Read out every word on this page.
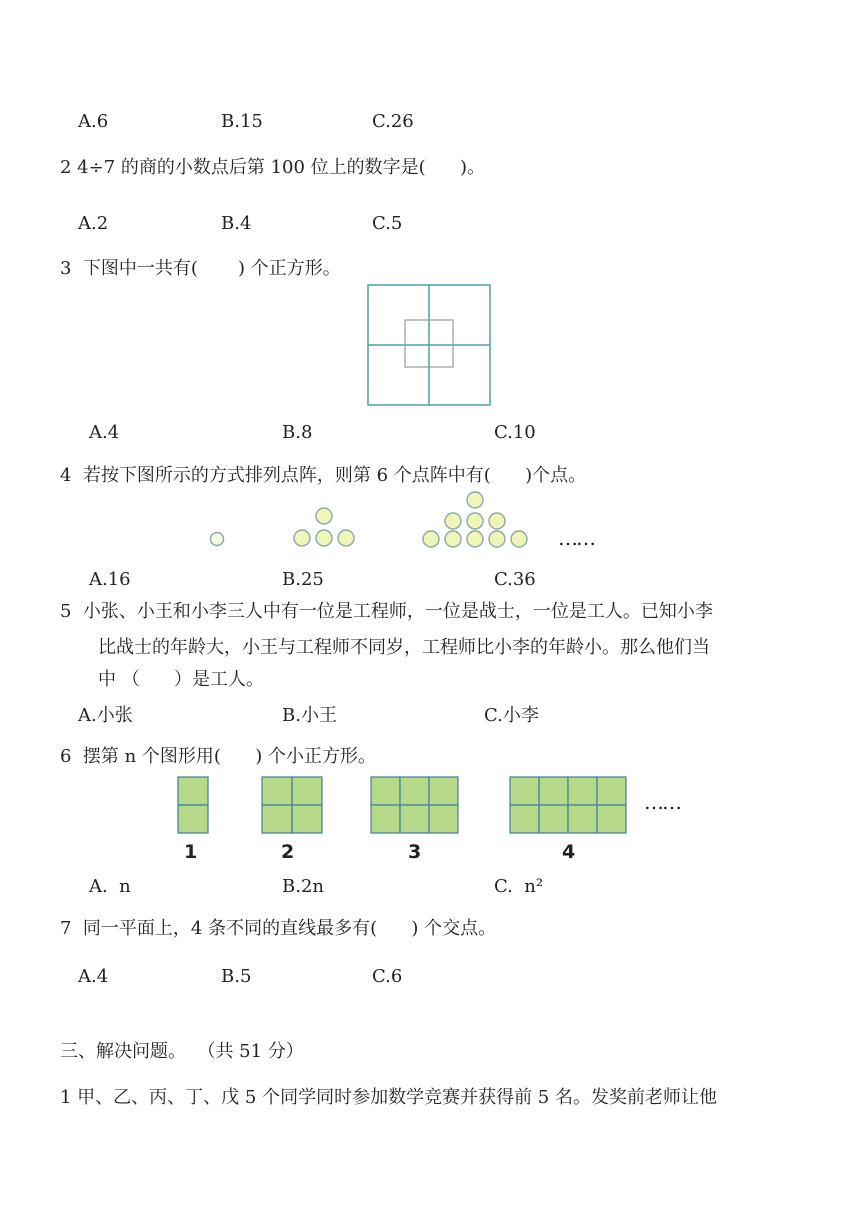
A.6	B.15	C.26
2 4÷7 的商的小数点后第 100 位上的数字是(      )。
A.2	B.4	C.5
3  下图中一共有(       ) 个正方形。
A.4	B.8	C.10
4  若按下图所示的方式排列点阵，则第 6 个点阵中有(      )个点。
……
A.16	B.25	C.36
5  小张、小王和小李三人中有一位是工程师，一位是战士，一位是工人。已知小李
比战士的年龄大，小王与工程师不同岁，工程师比小李的年龄小。那么他们当
中 （      ）是工人。
A.小张	B.小王	C.小李
6  摆第 n 个图形用(      ) 个小正方形。
……
1	2	3	4
A.  n	B.2n	C.  n²
7  同一平面上，4 条不同的直线最多有(      ) 个交点。
A.4	B.5	C.6
三、解决问题。  （共 51 分）
1 甲、乙、丙、丁、戊 5 个同学同时参加数学竞赛并获得前 5 名。发奖前老师让他
